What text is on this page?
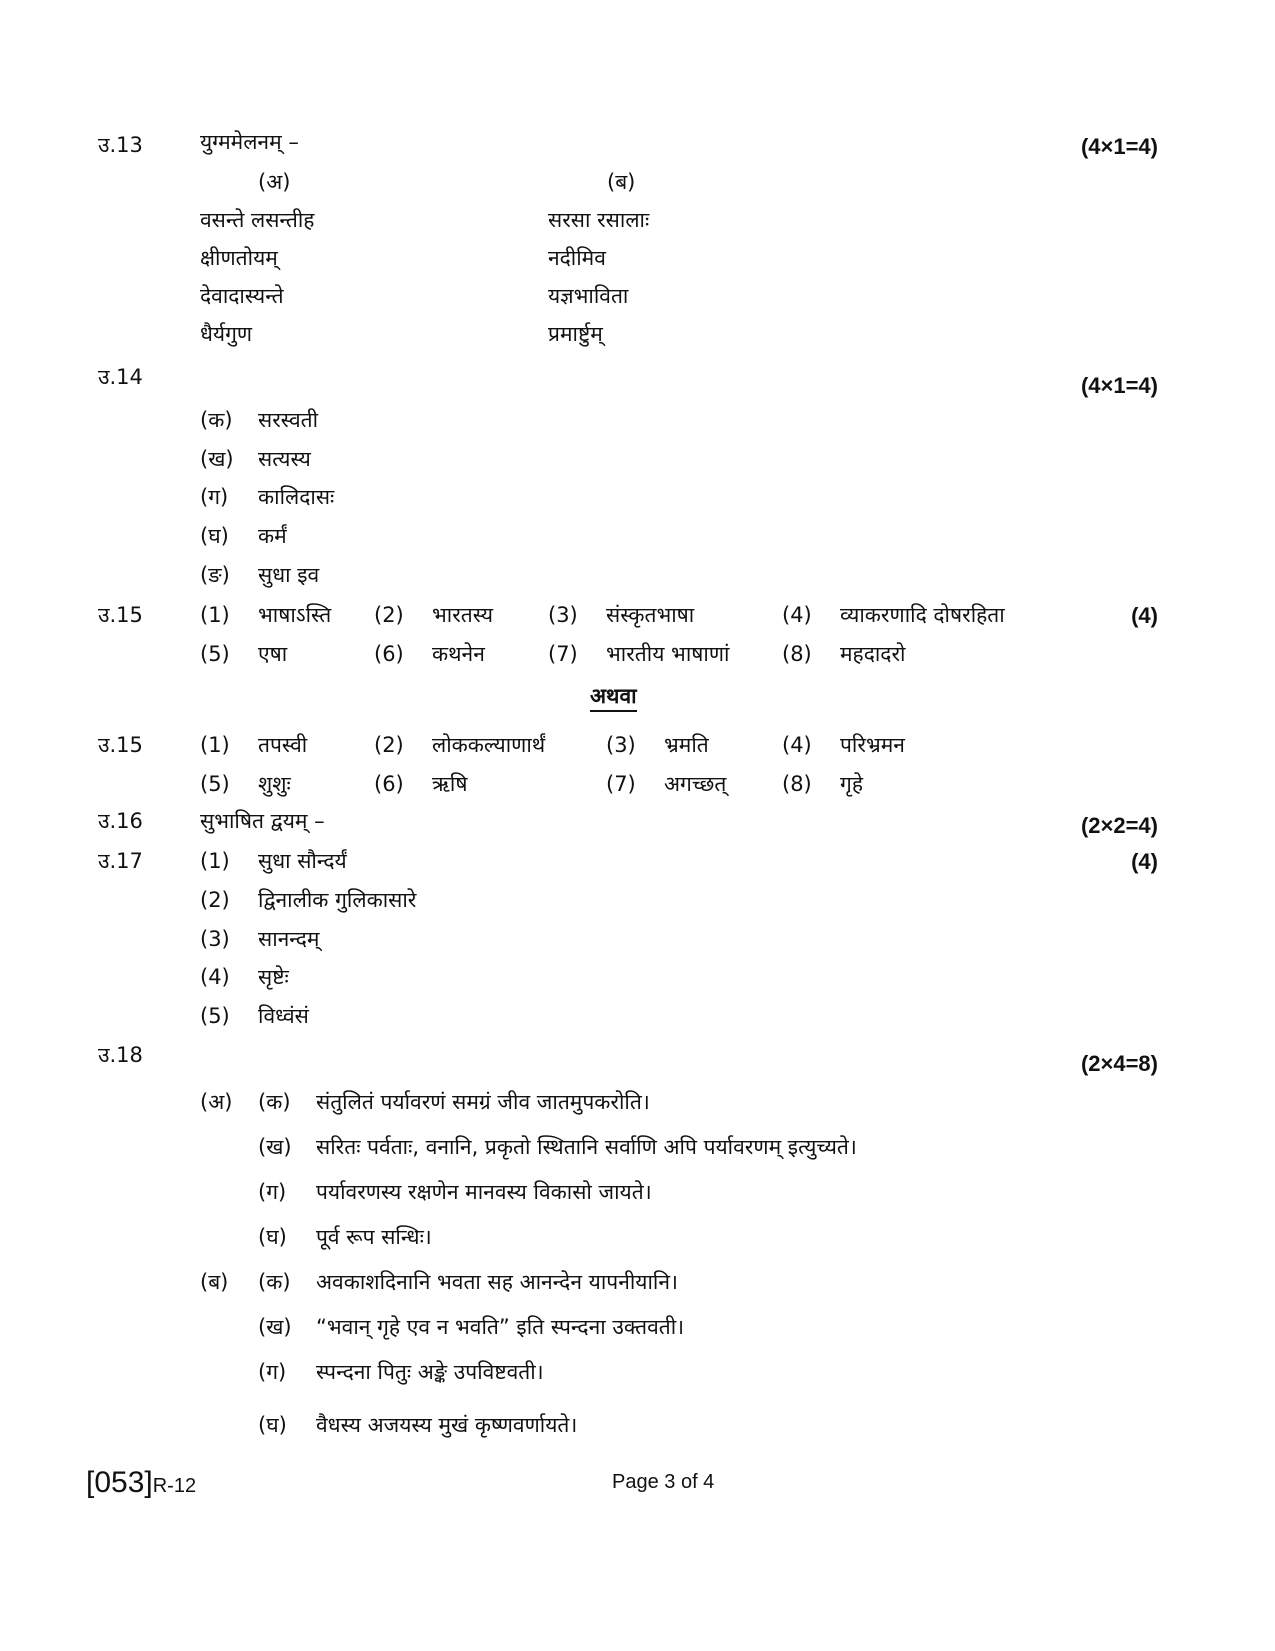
उ.13	युग्ममेलनम् –	(4×1=4)
(अ)	(ब)
वसन्ते लसन्तीह	सरसा रसालाः
क्षीणतोयम्	नदीमिव
देवादास्यन्ते	यज्ञभाविता
धैर्यगुण	प्रमार्ष्टुम्
उ.14	(4×1=4)
(क) सरस्वती
(ख) सत्यस्य
(ग) कालिदासः
(घ) कर्मं
(ङ) सुधा इव
उ.15	(4)
(1) भाषाऽस्ति (2) भारतस्य	(3) संस्कृतभाषा	(4) व्याकरणादि दोषरहिता
(5) एषा	(6) कथनेन	(7) भारतीय भाषाणां	(8) महदादरो
अथवा
उ.15	(1) तपस्वी	(2) लोककल्याणार्थं	(3) भ्रमति	(4) परिभ्रमन
(5) शुशुः	(6) ऋषि	(7) अगच्छत्	(8) गृहे
उ.16	सुभाषित द्वयम् –	(2×2=4)
उ.17	(4)
(1) सुधा सौन्दर्यं
(2) द्विनालीक गुलिकासारे
(3) सानन्दम्
(4) सृष्टेः
(5) विध्वंसं
उ.18	(2×4=8)
(अ) (क) संतुलितं पर्यावरणं समग्रं जीव जातमुपकरोति।
(ख) सरितः पर्वताः, वनानि, प्रकृतो स्थितानि सर्वाणि अपि पर्यावरणम् इत्युच्यते।
(ग) पर्यावरणस्य रक्षणेन मानवस्य विकासो जायते।
(घ) पूर्व रूप सन्धिः।
(ब) (क) अवकाशदिनानि भवता सह आनन्देन यापनीयानि।
(ख) “भवान् गृहे एव न भवति” इति स्पन्दना उक्तवती।
(ग) स्पन्दना पितुः अङ्के उपविष्टवती।
(घ) वैधस्य अजयस्य मुखं कृष्णवर्णायते।
[053]R-12	Page 3 of 4
